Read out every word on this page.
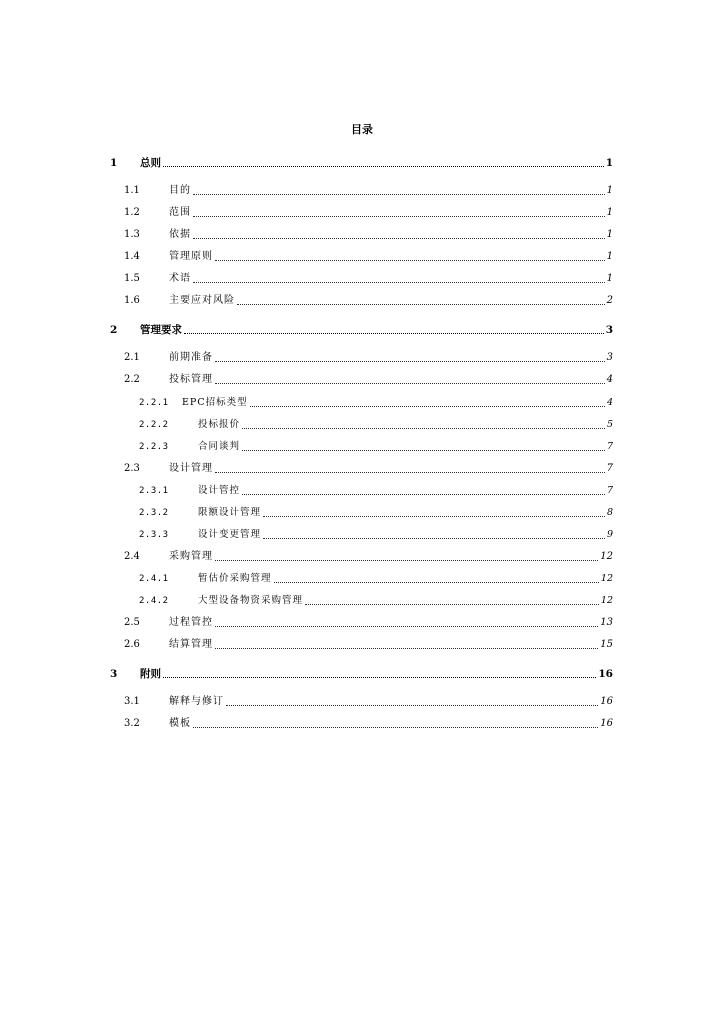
目录
1	总则	1
1.1	目的	1
1.2	范围	1
1.3	依据	1
1.4	管理原则	1
1.5	术语	1
1.6	主要应对风险	2
2	管理要求	3
2.1	前期准备	3
2.2	投标管理	4
2.2.1	EPC招标类型	4
2.2.2	投标报价	5
2.2.3	合同谈判	7
2.3	设计管理	7
2.3.1	设计管控	7
2.3.2	限额设计管理	8
2.3.3	设计变更管理	9
2.4	采购管理	12
2.4.1	暂估价采购管理	12
2.4.2	大型设备物资采购管理	12
2.5	过程管控	13
2.6	结算管理	15
3	附则	16
3.1	解释与修订	16
3.2	模板	16
